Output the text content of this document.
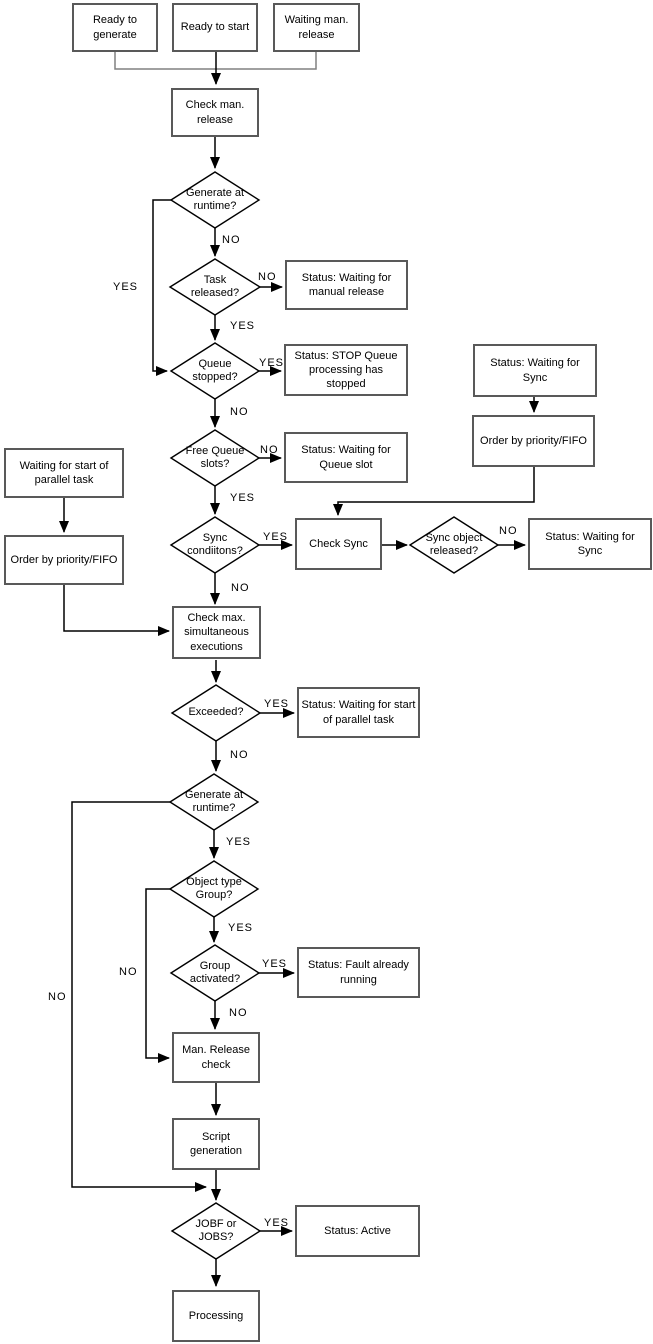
Ready to generate
Ready to start
Waiting man. release
Check man. release
Status: Waiting for manual release
Status: STOP Queue processing has stopped
Status: Waiting for Queue slot
Check Sync
Status: Waiting for Sync
Order by priority/FIFO
Status: Waiting for Sync
Waiting for start of parallel task
Order by priority/FIFO
Check max. simultaneous executions
Status: Waiting for start of parallel task
Status: Fault already running
Man. Release check
Script generation
Status: Active
Processing
Generate at runtime?
Task released?
Queue stopped?
Free Queue slots?
Sync condiitons?
Sync object released?
Exceeded?
Generate at runtime?
Object type Group?
Group activated?
JOBF or JOBS?
NO
YES
NO
YES
YES
NO
NO
YES
YES
NO
NO
YES
NO
YES
NO
YES
NO
YES
NO
YES
